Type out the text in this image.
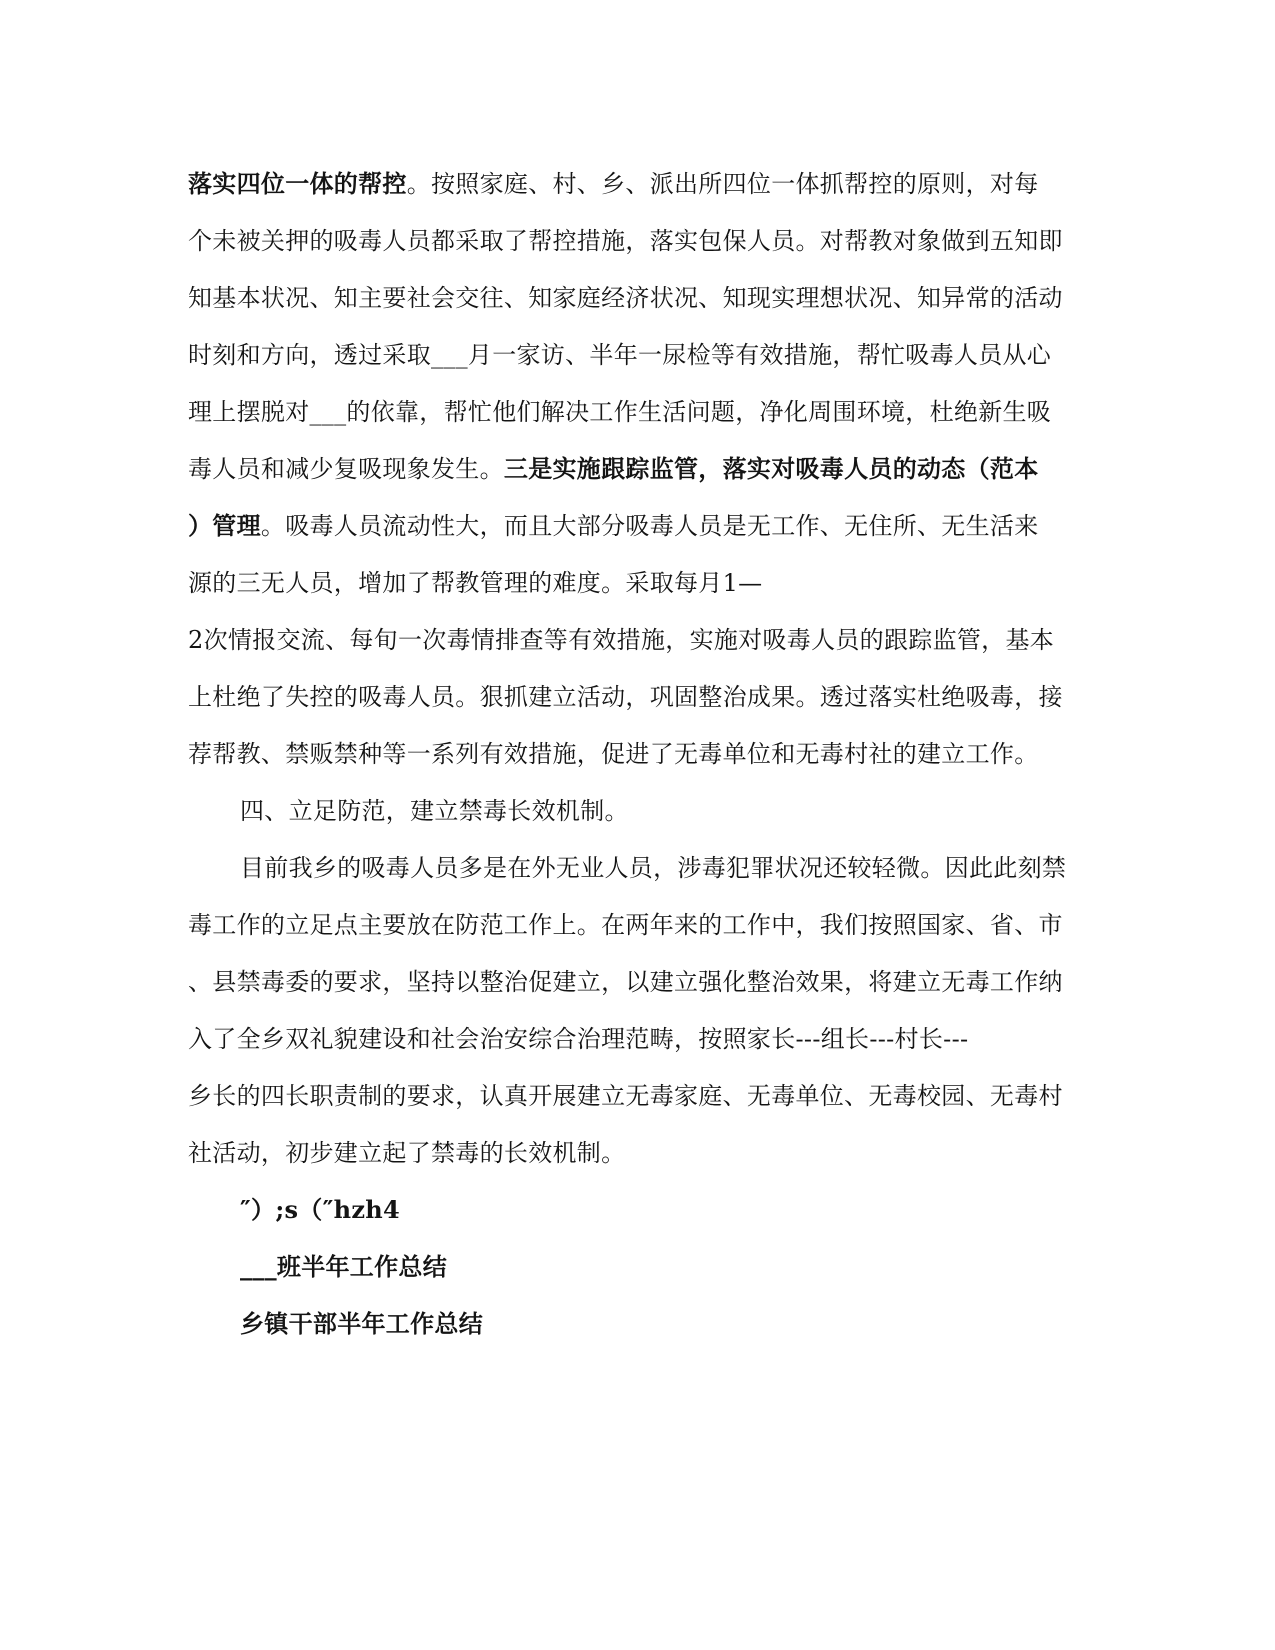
落实四位一体的帮控。按照家庭、村、乡、派出所四位一体抓帮控的原则，对每
个未被关押的吸毒人员都采取了帮控措施，落实包保人员。对帮教对象做到五知即
知基本状况、知主要社会交往、知家庭经济状况、知现实理想状况、知异常的活动
时刻和方向，透过采取___月一家访、半年一尿检等有效措施，帮忙吸毒人员从心
理上摆脱对___的依靠，帮忙他们解决工作生活问题，净化周围环境，杜绝新生吸
毒人员和减少复吸现象发生。三是实施跟踪监管，落实对吸毒人员的动态（范本
）管理。吸毒人员流动性大，而且大部分吸毒人员是无工作、无住所、无生活来
源的三无人员，增加了帮教管理的难度。采取每月1—
2次情报交流、每旬一次毒情排查等有效措施，实施对吸毒人员的跟踪监管，基本
上杜绝了失控的吸毒人员。狠抓建立活动，巩固整治成果。透过落实杜绝吸毒，接
荐帮教、禁贩禁种等一系列有效措施，促进了无毒单位和无毒村社的建立工作。
四、立足防范，建立禁毒长效机制。
目前我乡的吸毒人员多是在外无业人员，涉毒犯罪状况还较轻微。因此此刻禁
毒工作的立足点主要放在防范工作上。在两年来的工作中，我们按照国家、省、市
、县禁毒委的要求，坚持以整治促建立，以建立强化整治效果，将建立无毒工作纳
入了全乡双礼貌建设和社会治安综合治理范畴，按照家长---组长---村长---
乡长的四长职责制的要求，认真开展建立无毒家庭、无毒单位、无毒校园、无毒村
社活动，初步建立起了禁毒的长效机制。
″）;s（″hzh4
___班半年工作总结
乡镇干部半年工作总结
